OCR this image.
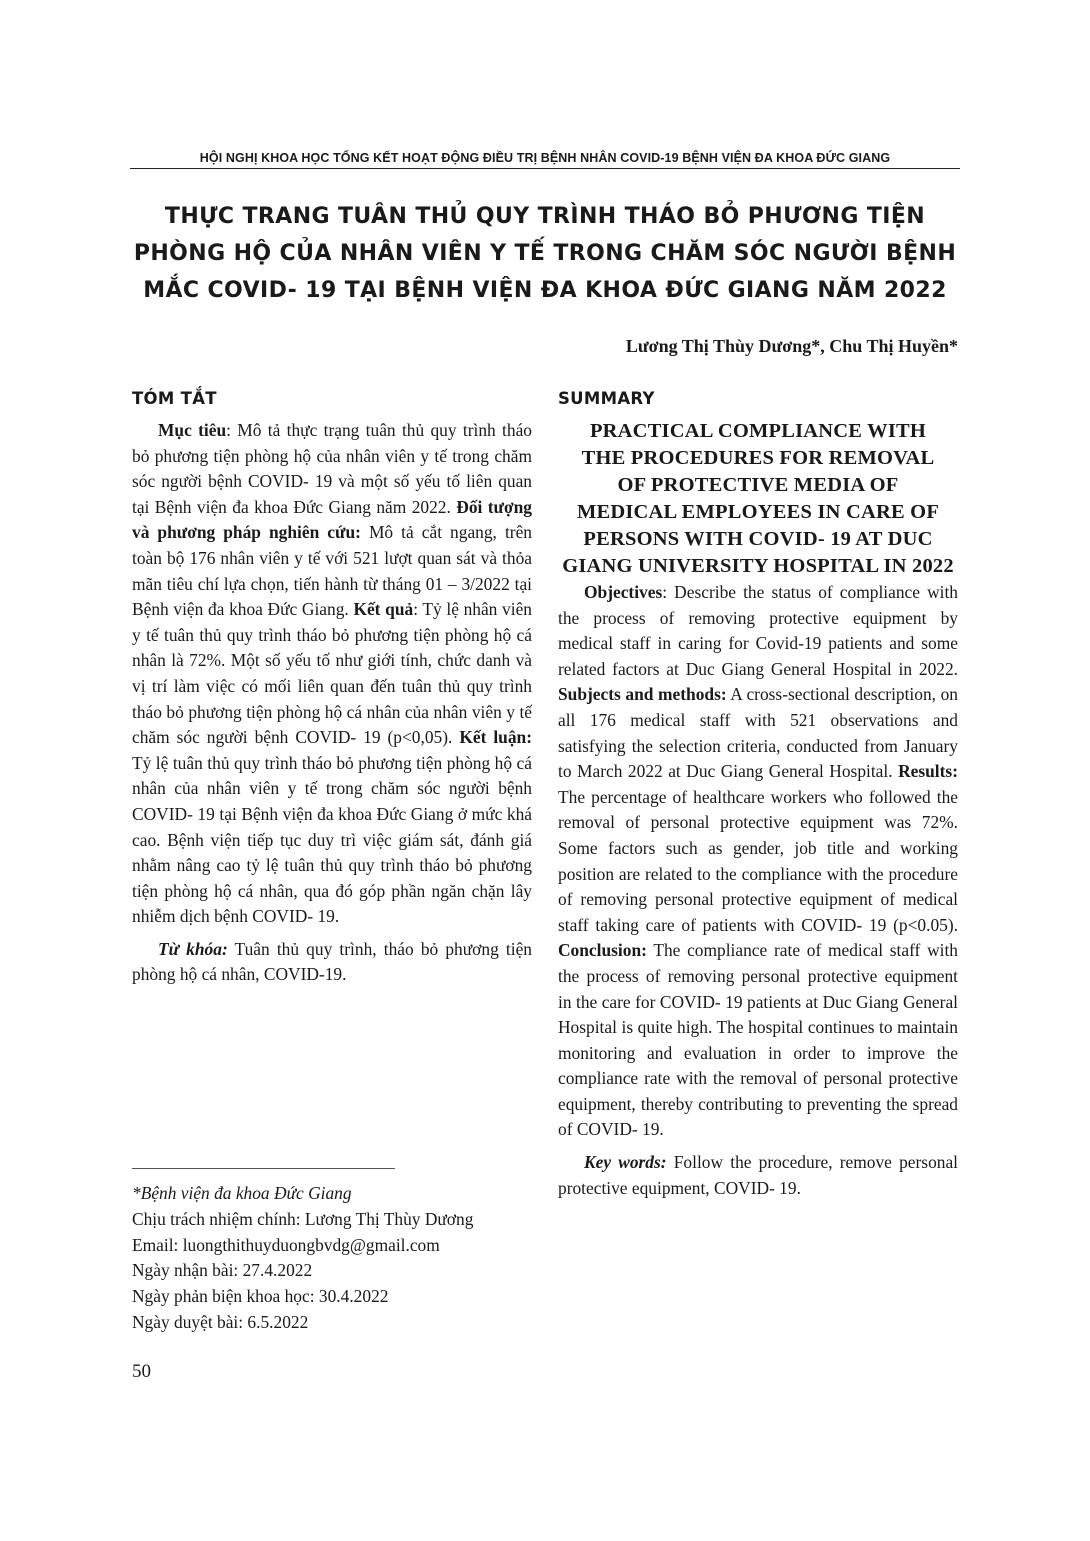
HỘI NGHỊ KHOA HỌC TỔNG KẾT HOẠT ĐỘNG ĐIỀU TRỊ BỆNH NHÂN COVID-19 BỆNH VIỆN ĐA KHOA ĐỨC GIANG
THỰC TRANG TUÂN THỦ QUY TRÌNH THÁO BỎ PHƯƠNG TIỆN
PHÒNG HỘ CỦA NHÂN VIÊN Y TẾ TRONG CHĂM SÓC NGƯỜI BỆNH
MẮC COVID- 19 TẠI BỆNH VIỆN ĐA KHOA ĐỨC GIANG NĂM 2022
Lương Thị Thùy Dương*, Chu Thị Huyền*
TÓM TẮT

Mục tiêu: Mô tả thực trạng tuân thủ quy trình tháo bỏ phương tiện phòng hộ của nhân viên y tế trong chăm sóc người bệnh COVID- 19 và một số yếu tố liên quan tại Bệnh viện đa khoa Đức Giang năm 2022. Đối tượng và phương pháp nghiên cứu: Mô tả cắt ngang, trên toàn bộ 176 nhân viên y tế với 521 lượt quan sát và thỏa mãn tiêu chí lựa chọn, tiến hành từ tháng 01 – 3/2022 tại Bệnh viện đa khoa Đức Giang. Kết quả: Tỷ lệ nhân viên y tế tuân thủ quy trình tháo bỏ phương tiện phòng hộ cá nhân là 72%. Một số yếu tố như giới tính, chức danh và vị trí làm việc có mối liên quan đến tuân thủ quy trình tháo bỏ phương tiện phòng hộ cá nhân của nhân viên y tế chăm sóc người bệnh COVID- 19 (p<0,05). Kết luận: Tỷ lệ tuân thủ quy trình tháo bỏ phương tiện phòng hộ cá nhân của nhân viên y tế trong chăm sóc người bệnh COVID- 19 tại Bệnh viện đa khoa Đức Giang ở mức khá cao. Bệnh viện tiếp tục duy trì việc giám sát, đánh giá nhằm nâng cao tỷ lệ tuân thủ quy trình tháo bỏ phương tiện phòng hộ cá nhân, qua đó góp phần ngăn chặn lây nhiễm dịch bệnh COVID- 19.

Từ khóa: Tuân thủ quy trình, tháo bỏ phương tiện phòng hộ cá nhân, COVID-19.

SUMMARY
PRACTICAL COMPLIANCE WITH
THE PROCEDURES FOR REMOVAL
OF PROTECTIVE MEDIA OF
MEDICAL EMPLOYEES IN CARE OF
PERSONS WITH COVID- 19 AT DUC
GIANG UNIVERSITY HOSPITAL IN 2022

Objectives: Describe the status of compliance with the process of removing protective equipment by medical staff in caring for Covid-19 patients and some related factors at Duc Giang General Hospital in 2022. Subjects and methods: A cross-sectional description, on all 176 medical staff with 521 observations and satisfying the selection criteria, conducted from January to March 2022 at Duc Giang General Hospital. Results: The percentage of healthcare workers who followed the removal of personal protective equipment was 72%. Some factors such as gender, job title and working position are related to the compliance with the procedure of removing personal protective equipment of medical staff taking care of patients with COVID- 19 (p<0.05). Conclusion: The compliance rate of medical staff with the process of removing personal protective equipment in the care for COVID- 19 patients at Duc Giang General Hospital is quite high. The hospital continues to maintain monitoring and evaluation in order to improve the compliance rate with the removal of personal protective equipment, thereby contributing to preventing the spread of COVID- 19.

Key words: Follow the procedure, remove personal protective equipment, COVID- 19.

*Bệnh viện đa khoa Đức Giang
Chịu trách nhiệm chính: Lương Thị Thùy Dương
Email: luongthithuyduongbvdg@gmail.com
Ngày nhận bài: 27.4.2022
Ngày phản biện khoa học: 30.4.2022
Ngày duyệt bài: 6.5.2022
50
